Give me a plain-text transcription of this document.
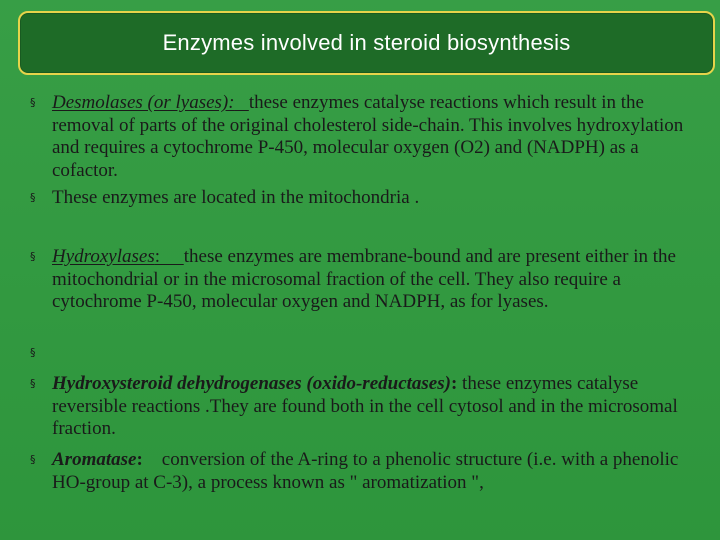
Enzymes involved in steroid biosynthesis
§ Desmolases (or lyases): these enzymes catalyse reactions which result in the removal of parts of the original cholesterol side-chain. This involves hydroxylation and requires a cytochrome P-450, molecular oxygen (O2) and (NADPH) as a cofactor.
§ These enzymes are located in the mitochondria .
§ Hydroxylases: these enzymes are membrane-bound and are present either in the mitochondrial or in the microsomal fraction of the cell. They also require a cytochrome P-450, molecular oxygen and NADPH, as for lyases.
§

§ Hydroxysteroid dehydrogenases (oxido-reductases): these enzymes catalyse reversible reactions .They are found both in the cell cytosol and in the microsomal fraction.
§ Aromatase:    conversion of the A-ring to a phenolic structure (i.e. with a phenolic HO-group at C-3), a process known as " aromatization ",
